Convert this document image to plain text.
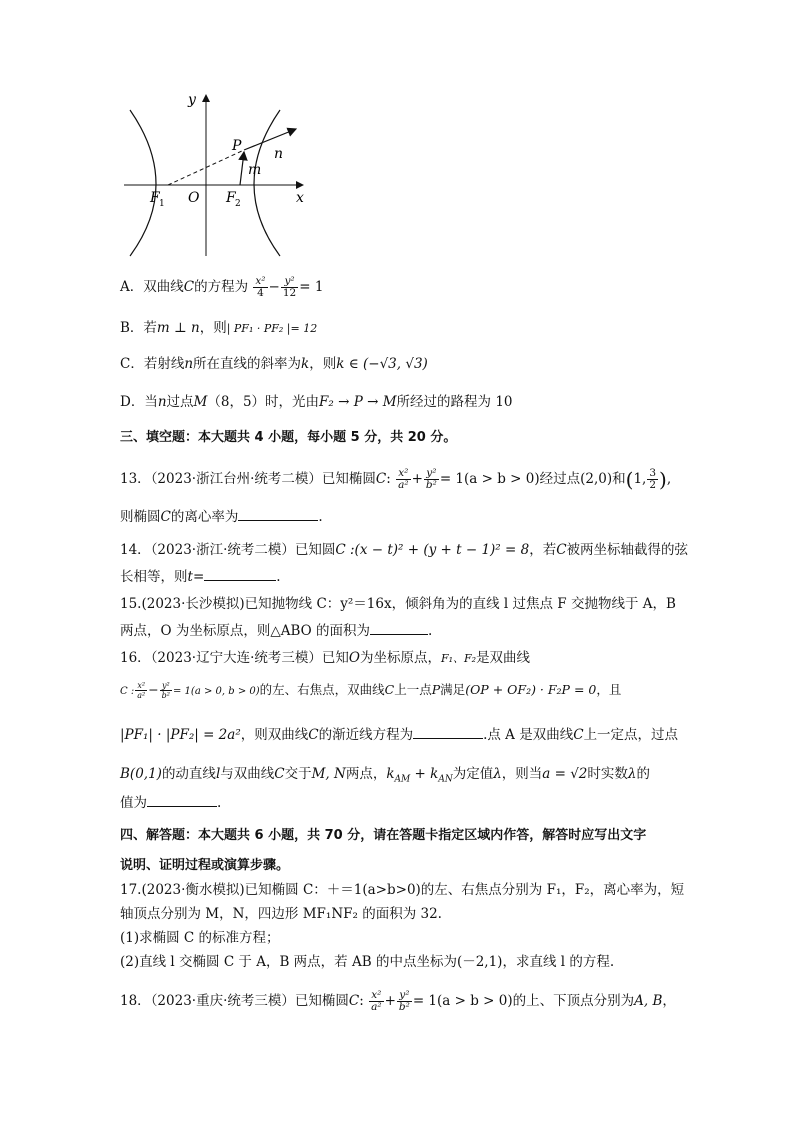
y
x
O
F 1	F 2
P n
m
A．双曲线C的方程为 $\frac{\text{x²}}{4} - \frac{\text{y²}}{12} = 1$
B．若m ⊥ n，则| PF₁ · PF₂ |= 12
C．若射线n所在直线的斜率为k，则k ∈ (−√3, √3)
D．当n过点M（8，5）时，光由F₂ → P → M所经过的路程为 10
三、填空题：本大题共 4 小题，每小题 5 分，共 20 分。
13．（2023·浙江台州·统考二模）已知椭圆C: $\frac{\text{x²}}{\text{a²}} + \frac{\text{y²}}{\text{b²}} = 1(a > b > 0)$经过点(2,0)和(1, $\frac{3}{2}$ ),
则椭圆C的离心率为	.
14．（2023·浙江·统考二模）已知圆C :(x − t)² + (y + t − 1)² = 8，若C被两坐标轴截得的弦
长相等，则t=	.
15.(2023·长沙模拟)已知抛物线 C：y²＝16x，倾斜角为的直线 l 过焦点 F 交抛物线于 A，B
两点，O 为坐标原点，则△ABO 的面积为	.
16．（2023·辽宁大连·统考三模）已知O为坐标原点，F₁、F₂是双曲线
C : $\frac{\text{x²}}{\text{a²}} - \frac{\text{y²}}{\text{b²}} = 1(a > 0$, b > 0)的左、右焦点，双曲线C上一点P满足(OP + OF₂) · F₂P = 0，且
|PF₁| · |PF₂| = 2a²，则双曲线C的渐近线方程为	.点 A 是双曲线C上一定点，过点
B(0,1)的动直线l与双曲线C交于M, N两点，$k_{AM} + k_{AN}$为定值λ，则当a = √2时实数λ的
值为	.
四、解答题：本大题共 6 小题，共 70 分，请在答题卡指定区域内作答，解答时应写出文字
说明、证明过程或演算步骤。
17.(2023·衡水模拟)已知椭圆 C：＋＝1(a>b>0)的左、右焦点分别为 F₁，F₂，离心率为，短
轴顶点分别为 M，N，四边形 MF₁NF₂ 的面积为 32.
(1)求椭圆 C 的标准方程；
(2)直线 l 交椭圆 C 于 A，B 两点，若 AB 的中点坐标为(－2,1)，求直线 l 的方程.
18．（2023·重庆·统考三模）已知椭圆C: $\frac{\text{x²}}{\text{a²}} + \frac{\text{y²}}{\text{b²}} = 1(a > b > 0)$的上、下顶点分别为A, B，
